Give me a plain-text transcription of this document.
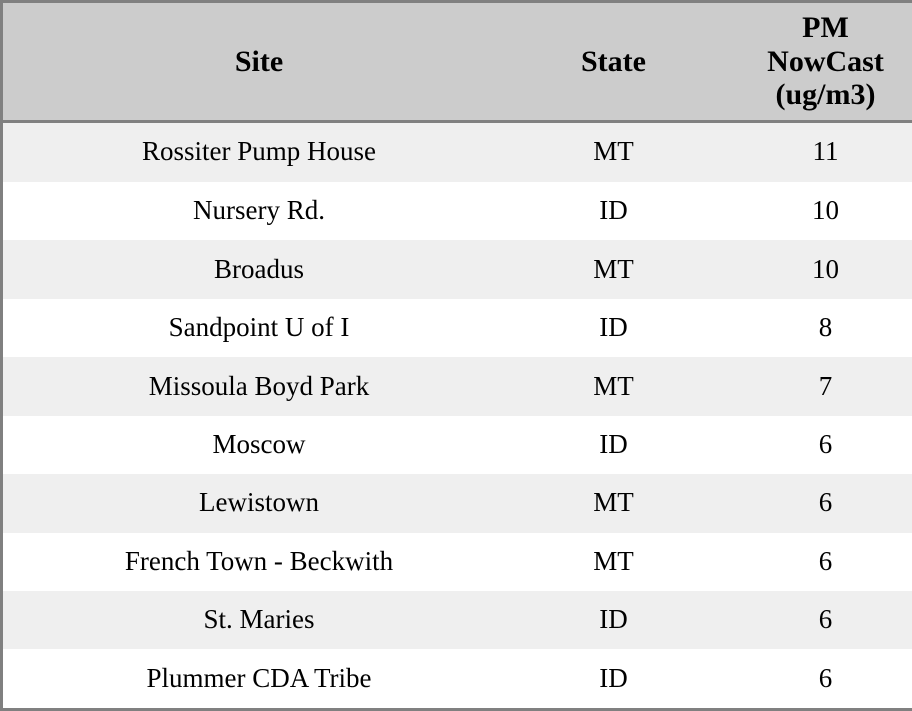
Site	State	PM
NowCast
(ug/m3)

Rossiter Pump House	MT	11
Nursery Rd.	ID	10
Broadus	MT	10
Sandpoint U of I	ID	8
Missoula Boyd Park	MT	7
Moscow	ID	6
Lewistown	MT	6
French Town - Beckwith	MT	6
St. Maries	ID	6
Plummer CDA Tribe	ID	6
